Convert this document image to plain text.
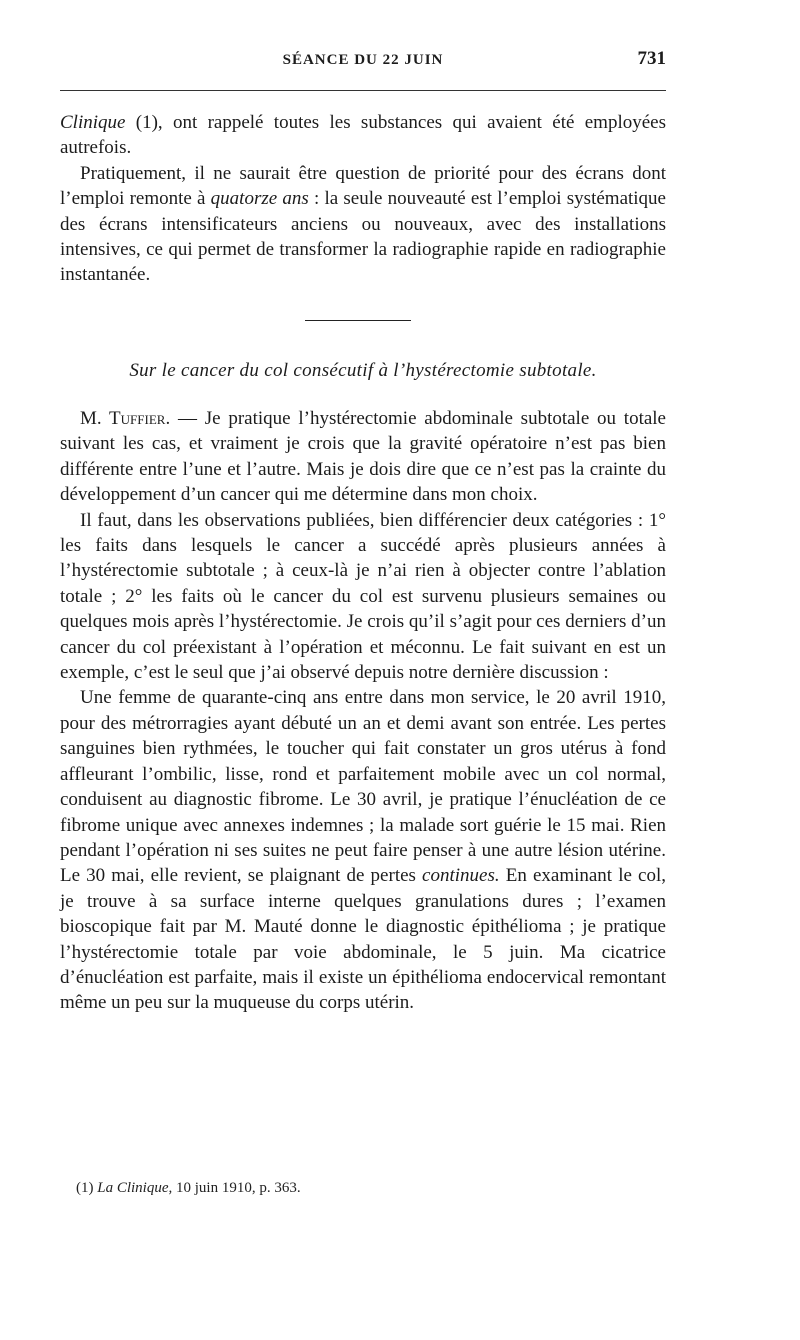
SÉANCE DU 22 JUIN	731

Clinique (1), ont rappelé toutes les substances qui avaient été employées autrefois.

Pratiquement, il ne saurait être question de priorité pour des écrans dont l’emploi remonte à quatorze ans : la seule nouveauté est l’emploi systématique des écrans intensificateurs anciens ou nouveaux, avec des installations intensives, ce qui permet de transformer la radiographie rapide en radiographie instantanée.

Sur le cancer du col consécutif à l’hystérectomie subtotale.

M. Tuffier. — Je pratique l’hystérectomie abdominale subtotale ou totale suivant les cas, et vraiment je crois que la gravité opératoire n’est pas bien différente entre l’une et l’autre. Mais je dois dire que ce n’est pas la crainte du développement d’un cancer qui me détermine dans mon choix.

Il faut, dans les observations publiées, bien différencier deux catégories : 1° les faits dans lesquels le cancer a succédé après plusieurs années à l’hystérectomie subtotale ; à ceux-là je n’ai rien à objecter contre l’ablation totale ; 2° les faits où le cancer du col est survenu plusieurs semaines ou quelques mois après l’hystérectomie. Je crois qu’il s’agit pour ces derniers d’un cancer du col préexistant à l’opération et méconnu. Le fait suivant en est un exemple, c’est le seul que j’ai observé depuis notre dernière discussion :

Une femme de quarante-cinq ans entre dans mon service, le 20 avril 1910, pour des métrorragies ayant débuté un an et demi avant son entrée. Les pertes sanguines bien rythmées, le toucher qui fait constater un gros utérus à fond affleurant l’ombilic, lisse, rond et parfaitement mobile avec un col normal, conduisent au diagnostic fibrome. Le 30 avril, je pratique l’énucléation de ce fibrome unique avec annexes indemnes ; la malade sort guérie le 15 mai. Rien pendant l’opération ni ses suites ne peut faire penser à une autre lésion utérine. Le 30 mai, elle revient, se plaignant de pertes continues. En examinant le col, je trouve à sa surface interne quelques granulations dures ; l’examen bioscopique fait par M. Mauté donne le diagnostic épithélioma ; je pratique l’hystérectomie totale par voie abdominale, le 5 juin. Ma cicatrice d’énucléation est parfaite, mais il existe un épithélioma endocervical remontant même un peu sur la muqueuse du corps utérin.

(1) La Clinique, 10 juin 1910, p. 363.
